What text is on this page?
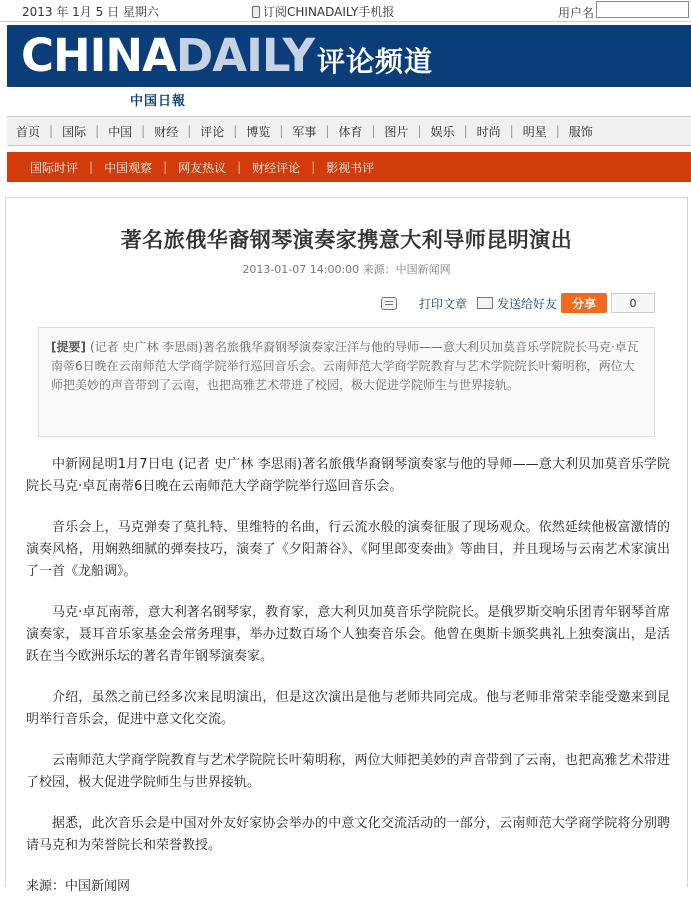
2013 年 1月 5 日 星期六	订阅CHINADAILY手机报	用户名
CHINADAILY 评论频道
中国日報
首页 | 国际 | 中国 | 财经 | 评论 | 博览 | 军事 | 体育 | 图片 | 娱乐 | 时尚 | 明星 | 服饰
国际时评 | 中国观察 | 网友热议 | 财经评论 | 影视书评
著名旅俄华裔钢琴演奏家携意大利导师昆明演出
2013-01-07 14:00:00 来源：中国新闻网
打印文章	发送给好友	分享	0
[提要] (记者 史广林 李思雨)著名旅俄华裔钢琴演奏家汪洋与他的导师——意大利贝加莫音乐学院院长马克·卓瓦南蒂6日晚在云南师范大学商学院举行巡回音乐会。云南师范大学商学院教育与艺术学院院长叶菊明称，两位大师把美妙的声音带到了云南，也把高雅艺术带进了校园，极大促进学院师生与世界接轨。

中新网昆明1月7日电 (记者 史广林 李思雨)著名旅俄华裔钢琴演奏家与他的导师——意大利贝加莫音乐学院院长马克·卓瓦南蒂6日晚在云南师范大学商学院举行巡回音乐会。

音乐会上，马克弹奏了莫扎特、里维特的名曲，行云流水般的演奏征服了现场观众。依然延续他极富激情的演奏风格，用娴熟细腻的弹奏技巧，演奏了《夕阳萧谷》、《阿里郎变奏曲》等曲目，并且现场与云南艺术家演出了一首《龙船调》。

马克·卓瓦南蒂，意大利著名钢琴家，教育家，意大利贝加莫音乐学院院长。是俄罗斯交响乐团青年钢琴首席演奏家，聂耳音乐家基金会常务理事，举办过数百场个人独奏音乐会。他曾在奥斯卡颁奖典礼上独奏演出，是活跃在当今欧洲乐坛的著名青年钢琴演奏家。

介绍，虽然之前已经多次来昆明演出，但是这次演出是他与老师共同完成。他与老师非常荣幸能受邀来到昆明举行音乐会，促进中意文化交流。

云南师范大学商学院教育与艺术学院院长叶菊明称，两位大师把美妙的声音带到了云南，也把高雅艺术带进了校园，极大促进学院师生与世界接轨。

据悉，此次音乐会是中国对外友好家协会举办的中意文化交流活动的一部分，云南师范大学商学院将分别聘请马克和为荣誉院长和荣誉教授。

来源：中国新闻网
